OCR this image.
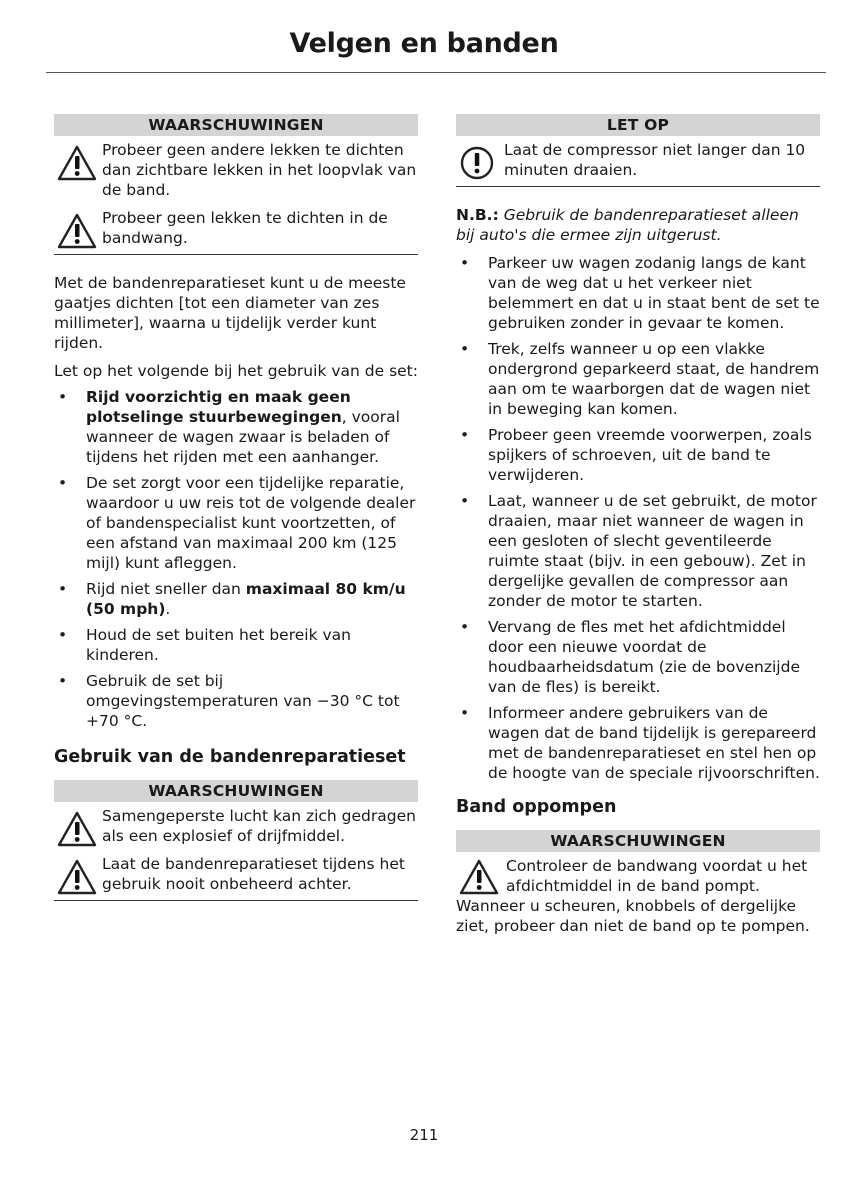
Velgen en banden
WAARSCHUWINGEN
Probeer geen andere lekken te dichten dan zichtbare lekken in het loopvlak van de band.
Probeer geen lekken te dichten in de bandwang.
Met de bandenreparatieset kunt u de meeste gaatjes dichten [tot een diameter van zes millimeter], waarna u tijdelijk verder kunt rijden.
Let op het volgende bij het gebruik van de set:
• Rijd voorzichtig en maak geen plotselinge stuurbewegingen, vooral wanneer de wagen zwaar is beladen of tijdens het rijden met een aanhanger.
• De set zorgt voor een tijdelijke reparatie, waardoor u uw reis tot de volgende dealer of bandenspecialist kunt voortzetten, of een afstand van maximaal 200 km (125 mijl) kunt afleggen.
• Rijd niet sneller dan maximaal 80 km/u (50 mph).
• Houd de set buiten het bereik van kinderen.
• Gebruik de set bij omgevingstemperaturen van −30 °C tot +70 °C.
Gebruik van de bandenreparatieset
WAARSCHUWINGEN
Samengeperste lucht kan zich gedragen als een explosief of drijfmiddel.
Laat de bandenreparatieset tijdens het gebruik nooit onbeheerd achter.
LET OP
Laat de compressor niet langer dan 10 minuten draaien.
N.B.: Gebruik de bandenreparatieset alleen bij auto's die ermee zijn uitgerust.
• Parkeer uw wagen zodanig langs de kant van de weg dat u het verkeer niet belemmert en dat u in staat bent de set te gebruiken zonder in gevaar te komen.
• Trek, zelfs wanneer u op een vlakke ondergrond geparkeerd staat, de handrem aan om te waarborgen dat de wagen niet in beweging kan komen.
• Probeer geen vreemde voorwerpen, zoals spijkers of schroeven, uit de band te verwijderen.
• Laat, wanneer u de set gebruikt, de motor draaien, maar niet wanneer de wagen in een gesloten of slecht geventileerde ruimte staat (bijv. in een gebouw). Zet in dergelijke gevallen de compressor aan zonder de motor te starten.
• Vervang de fles met het afdichtmiddel door een nieuwe voordat de houdbaarheidsdatum (zie de bovenzijde van de fles) is bereikt.
• Informeer andere gebruikers van de wagen dat de band tijdelijk is gerepareerd met de bandenreparatieset en stel hen op de hoogte van de speciale rijvoorschriften.
Band oppompen
WAARSCHUWINGEN
Controleer de bandwang voordat u het afdichtmiddel in de band pompt. Wanneer u scheuren, knobbels of dergelijke ziet, probeer dan niet de band op te pompen.
211
